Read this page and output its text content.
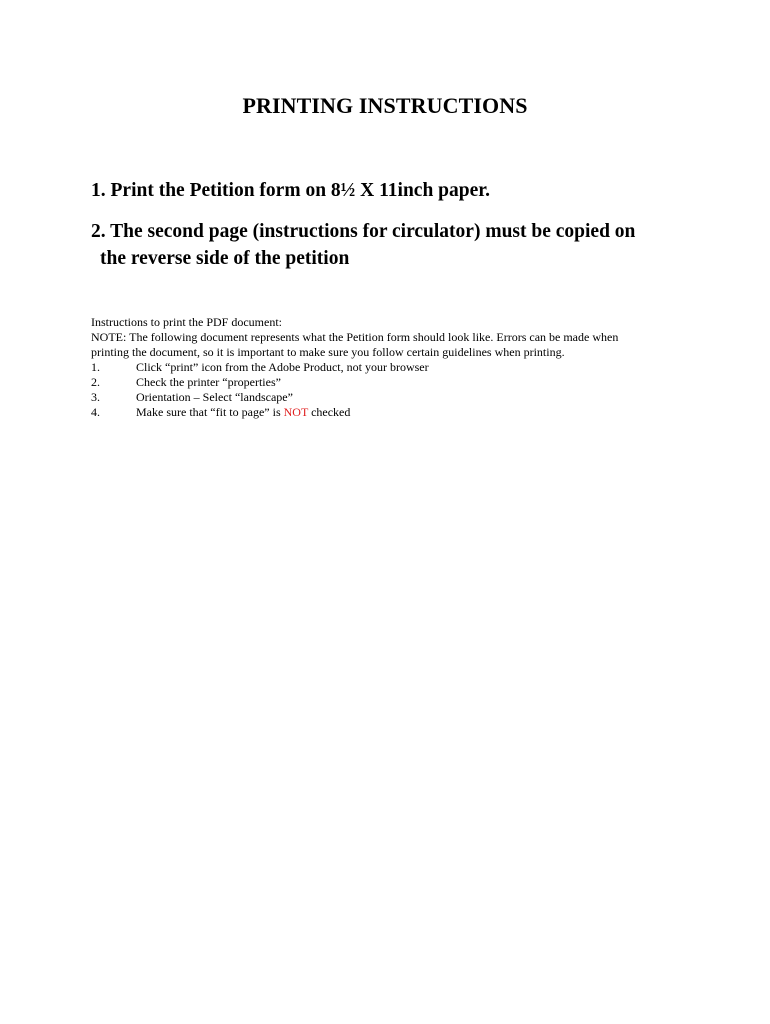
PRINTING INSTRUCTIONS
1. Print the Petition form on 8½ X 11inch paper.
2. The second page (instructions for circulator) must be copied on
the reverse side of the petition

Instructions to print the PDF document:

NOTE: The following document represents what the Petition form should look like. Errors can be made when

printing the document, so it is important to make sure you follow certain guidelines when printing.

1.	Click “print” icon from the Adobe Product, not your browser
2.	Check the printer “properties”
3.	Orientation – Select “landscape”
4.	Make sure that “fit to page” is NOT checked
